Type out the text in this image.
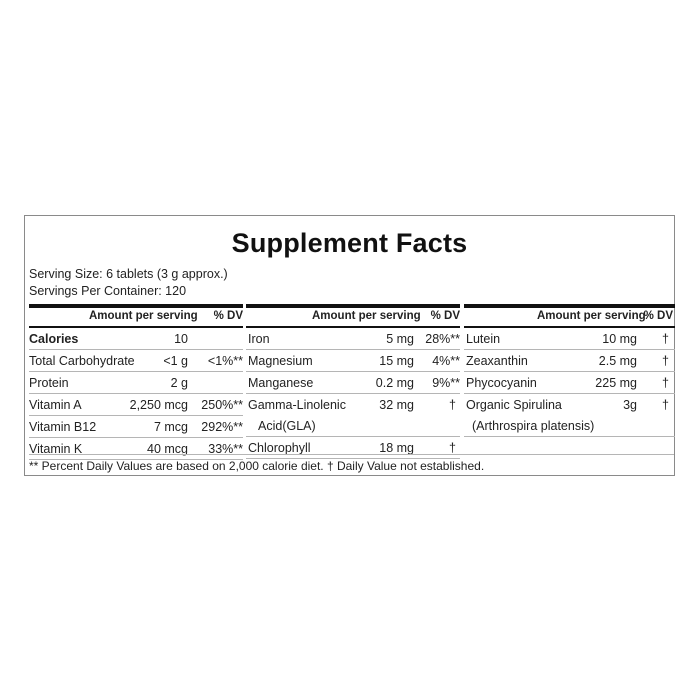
Supplement Facts
Serving Size: 6 tablets (3 g approx.)
Servings Per Container: 120
Amount per serving % DV
Calories	10
Total Carbohydrate <1 g <1%**
Protein	2 g
Vitamin A	2,250 mcg 250%**
Vitamin B12	7 mcg 292%**
Vitamin K	40 mcg 33%**
Amount per serving % DV
Iron	5 mg 28%**
Magnesium	15 mg 4%**
Manganese	0.2 mg 9%**
Gamma-Linolenic	32 mg	†
Acid(GLA)
Chlorophyll	18 mg	†
Amount per serving
% DV
Lutein	10 mg †
Zeaxanthin	2.5 mg †
Phycocyanin	225 mg †
Organic Spirulina	3g †
(Arthrospira platensis)
** Percent Daily Values are based on 2,000 calorie diet. † Daily Value not established.
